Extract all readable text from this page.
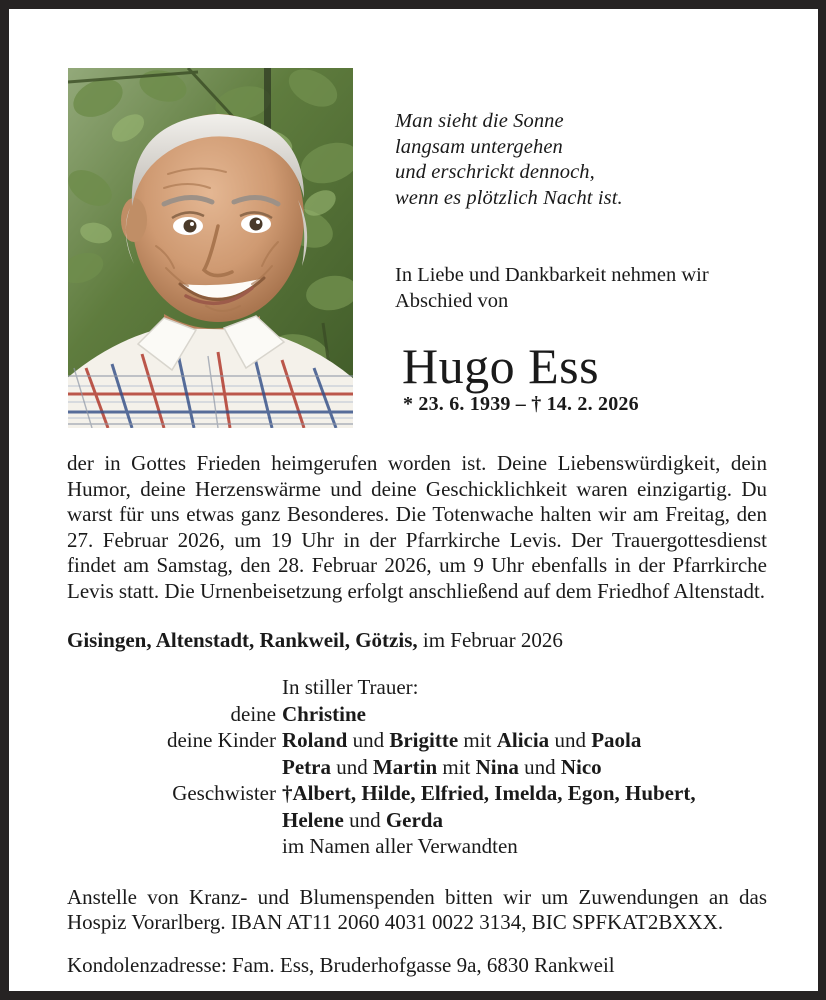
Man sieht die Sonne
langsam untergehen
und erschrickt dennoch,
wenn es plötzlich Nacht ist.
In Liebe und Dankbarkeit nehmen wir
Abschied von
Hugo Ess
* 23. 6. 1939 – † 14. 2. 2026
der in Gottes Frieden heimgerufen worden ist. Deine Liebenswürdigkeit, dein Humor, deine Herzenswärme und deine Geschicklichkeit waren einzigartig. Du warst für uns etwas ganz Besonderes. Die Totenwache halten wir am Freitag, den 27. Februar 2026, um 19 Uhr in der Pfarrkirche Levis. Der Trauergottesdienst findet am Samstag, den 28. Februar 2026, um 9 Uhr ebenfalls in der Pfarrkirche Levis statt. Die Urnenbeisetzung erfolgt anschließend auf dem Friedhof Altenstadt.
Gisingen, Altenstadt, Rankweil, Götzis, im Februar 2026
In stiller Trauer:
deine Christine
deine Kinder Roland und Brigitte mit Alicia und Paola
Petra und Martin mit Nina und Nico
Geschwister †Albert, Hilde, Elfried, Imelda, Egon, Hubert,
Helene und Gerda
im Namen aller Verwandten
Anstelle von Kranz- und Blumenspenden bitten wir um Zuwendungen an das Hospiz Vorarlberg. IBAN AT11 2060 4031 0022 3134, BIC SPFKAT2BXXX.
Kondolenzadresse: Fam. Ess, Bruderhofgasse 9a, 6830 Rankweil
